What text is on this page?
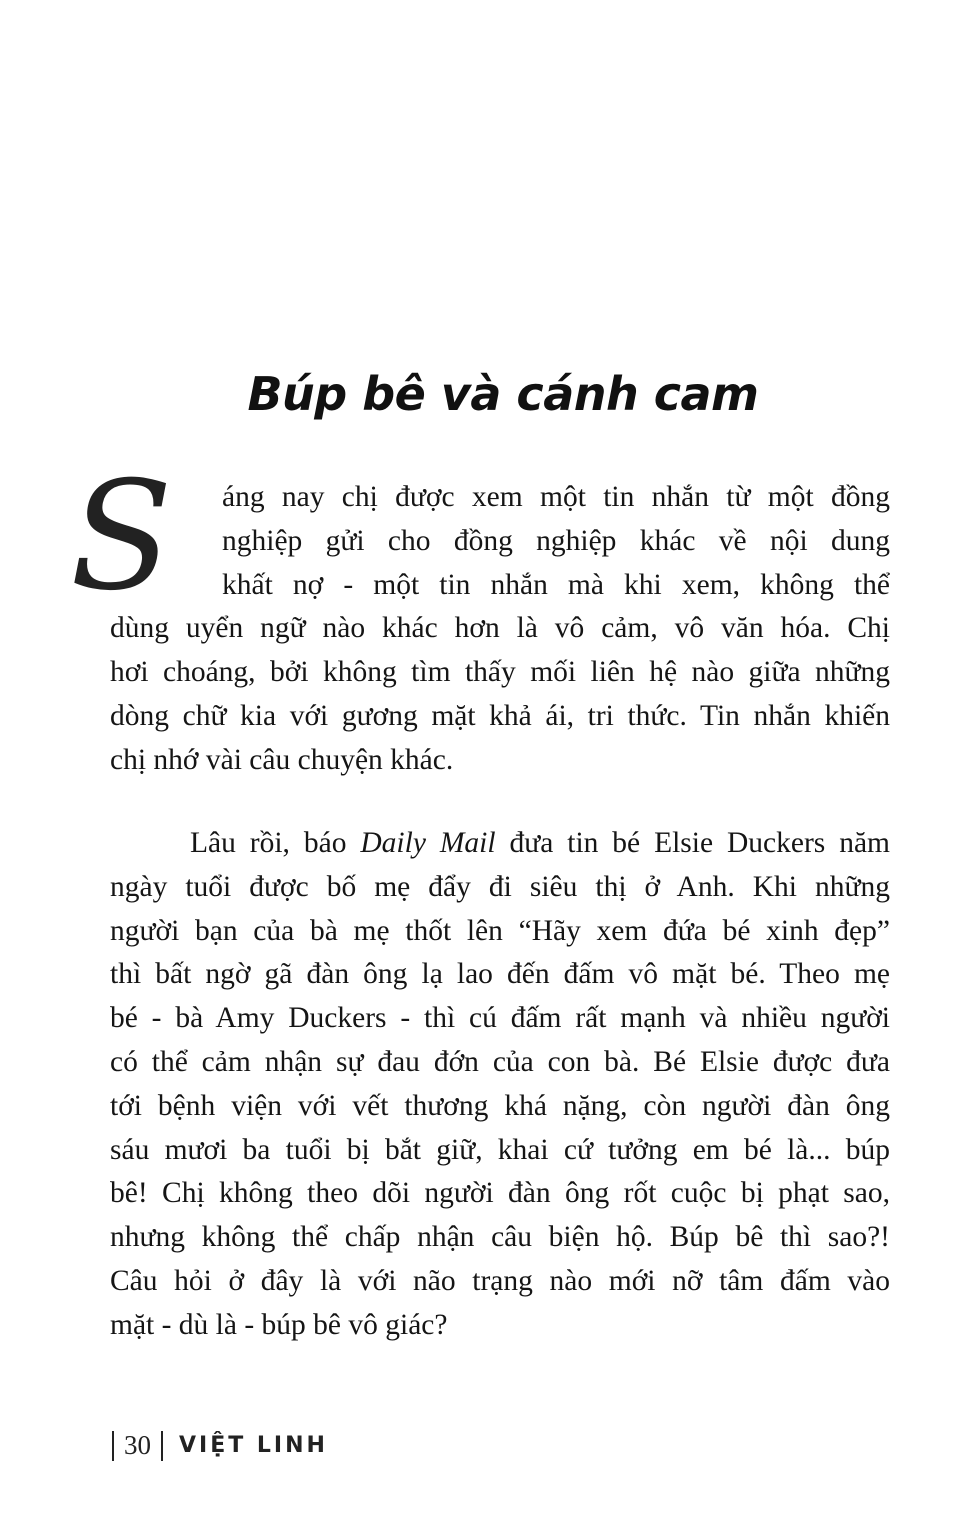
Búp bê và cánh cam
S	áng nay chị được xem một tin nhắn từ một đồng
nghiệp gửi cho đồng nghiệp khác về nội dung
khất nợ - một tin nhắn mà khi xem, không thể
dùng uyển ngữ nào khác hơn là vô cảm, vô văn hóa. Chị
hơi choáng, bởi không tìm thấy mối liên hệ nào giữa những
dòng chữ kia với gương mặt khả ái, tri thức. Tin nhắn khiến
chị nhớ vài câu chuyện khác.
Lâu rồi, báo Daily Mail đưa tin bé Elsie Duckers năm
ngày tuổi được bố mẹ đẩy đi siêu thị ở Anh. Khi những
người bạn của bà mẹ thốt lên “Hãy xem đứa bé xinh đẹp”
thì bất ngờ gã đàn ông lạ lao đến đấm vô mặt bé. Theo mẹ
bé - bà Amy Duckers - thì cú đấm rất mạnh và nhiều người
có thể cảm nhận sự đau đớn của con bà. Bé Elsie được đưa
tới bệnh viện với vết thương khá nặng, còn người đàn ông
sáu mươi ba tuổi bị bắt giữ, khai cứ tưởng em bé là... búp
bê! Chị không theo dõi người đàn ông rốt cuộc bị phạt sao,
nhưng không thể chấp nhận câu biện hộ. Búp bê thì sao?!
Câu hỏi ở đây là với não trạng nào mới nỡ tâm đấm vào
mặt - dù là - búp bê vô giác?
30 VIỆT LINH
